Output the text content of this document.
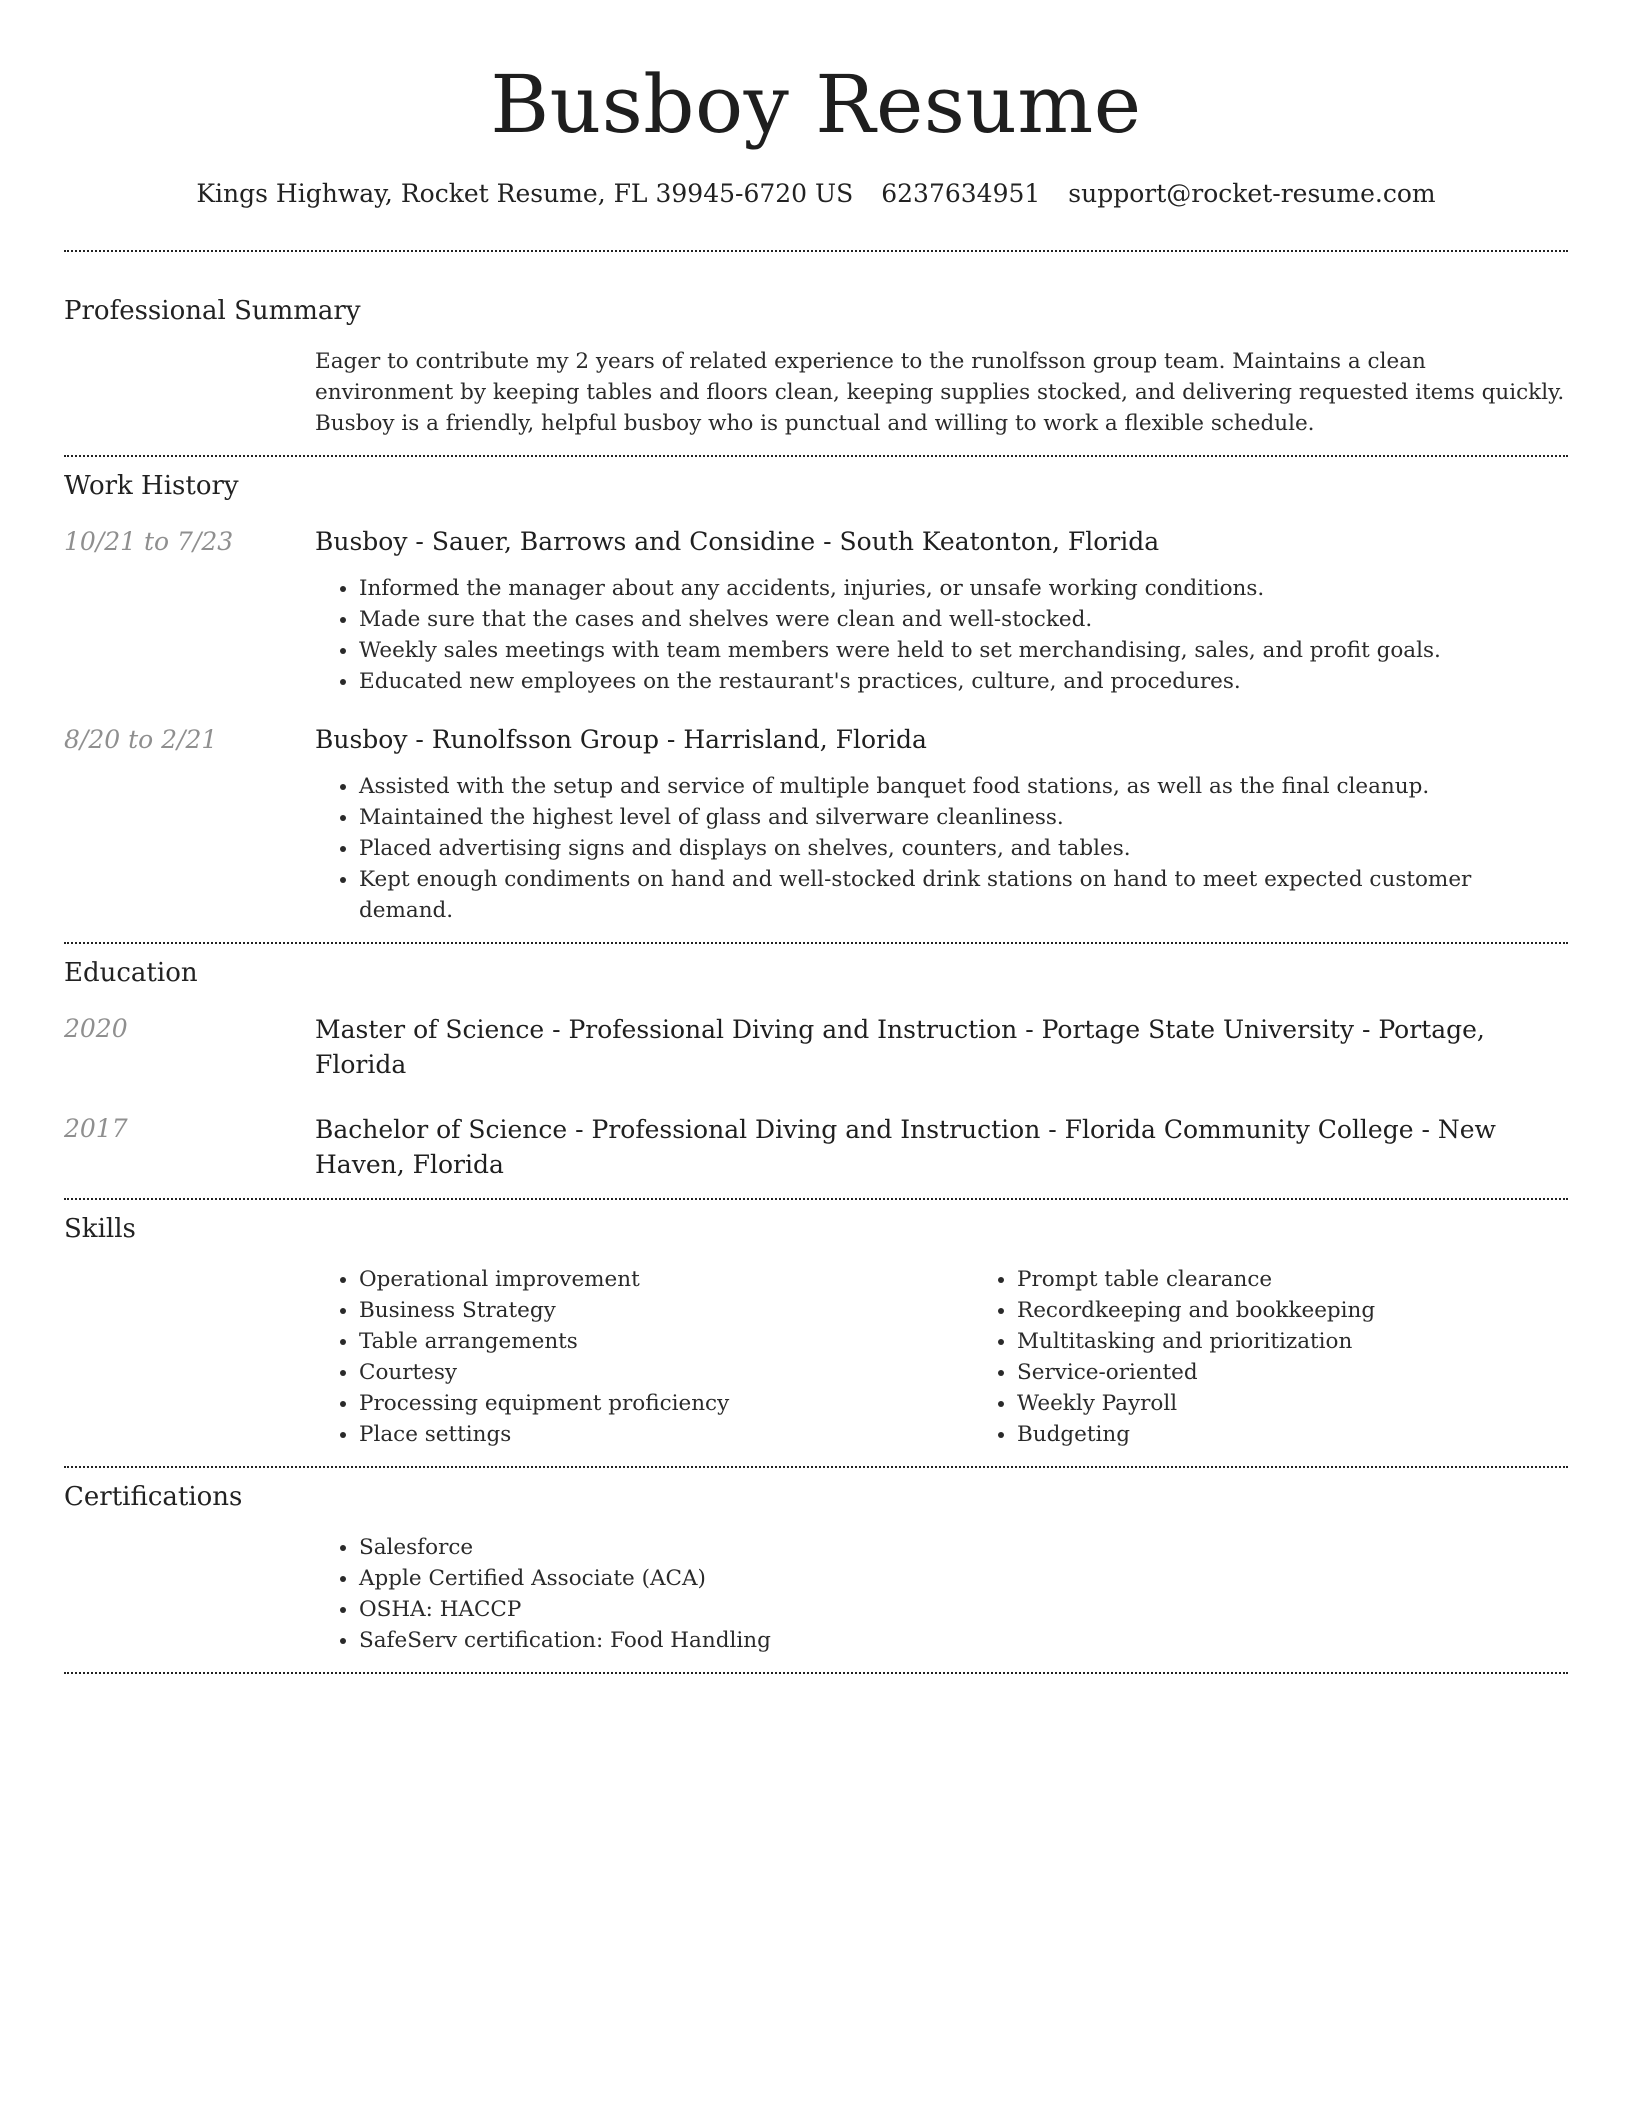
Busboy Resume
Kings Highway, Rocket Resume, FL 39945-6720 US 6237634951 support@rocket-resume.com
Professional Summary

Eager to contribute my 2 years of related experience to the runolfsson group team. Maintains a clean environment by keeping tables and floors clean, keeping supplies stocked, and delivering requested items quickly. Busboy is a friendly, helpful busboy who is punctual and willing to work a flexible schedule.

Work History
10/21 to 7/23	Busboy - Sauer, Barrows and Considine - South Keatonton, Florida
• Informed the manager about any accidents, injuries, or unsafe working conditions.
• Made sure that the cases and shelves were clean and well-stocked.
• Weekly sales meetings with team members were held to set merchandising, sales, and profit goals.
• Educated new employees on the restaurant's practices, culture, and procedures.
8/20 to 2/21	Busboy - Runolfsson Group - Harrisland, Florida
• Assisted with the setup and service of multiple banquet food stations, as well as the final cleanup.
• Maintained the highest level of glass and silverware cleanliness.
• Placed advertising signs and displays on shelves, counters, and tables.
• Kept enough condiments on hand and well-stocked drink stations on hand to meet expected customer demand.
Education
2020	Master of Science - Professional Diving and Instruction - Portage State University - Portage, Florida
2017	Bachelor of Science - Professional Diving and Instruction - Florida Community College - New Haven, Florida
Skills
• Operational improvement
• Business Strategy
• Table arrangements
• Courtesy
• Processing equipment proficiency
• Place settings
• Prompt table clearance
• Recordkeeping and bookkeeping
• Multitasking and prioritization
• Service-oriented
• Weekly Payroll
• Budgeting
Certifications
• Salesforce
• Apple Certified Associate (ACA)
• OSHA: HACCP
• SafeServ certification: Food Handling
